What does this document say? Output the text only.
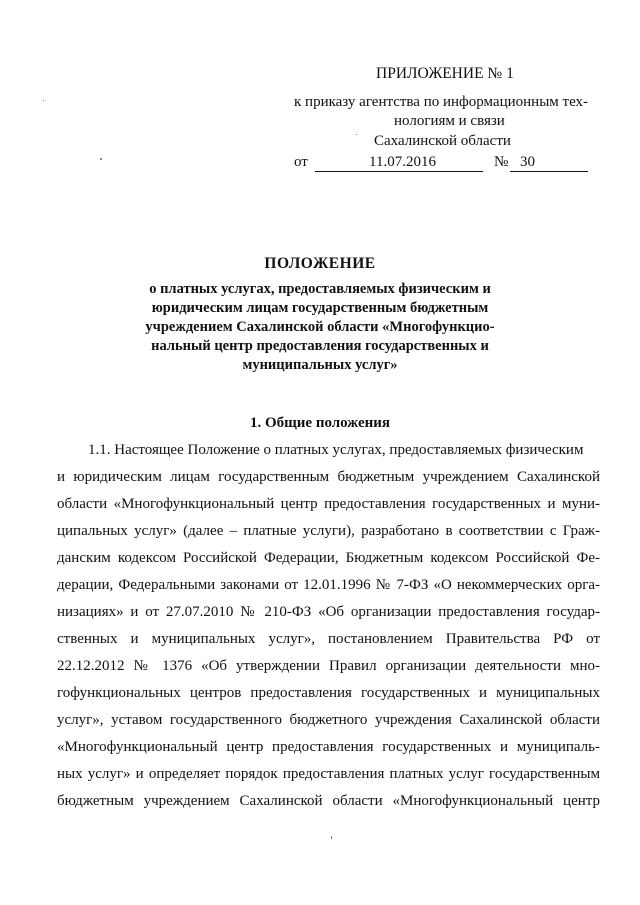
ПРИЛОЖЕНИЕ № 1
к приказу агентства по информационным тех-
нологиям и связи
Сахалинской области
от	11.07.2016	№ 30
ПОЛОЖЕНИЕ
о платных услугах, предоставляемых физическим и
юридическим лицам государственным бюджетным
учреждением Сахалинской области «Многофункцио-
нальный центр предоставления государственных и
муниципальных услуг»
1. Общие положения
1.1. Настоящее Положение о платных услугах, предоставляемых физическим
и юридическим лицам государственным бюджетным учреждением Сахалинской
области «Многофункциональный центр предоставления государственных и муни-
ципальных услуг» (далее – платные услуги), разработано в соответствии с Граж-
данским кодексом Российской Федерации, Бюджетным кодексом Российской Фе-
дерации, Федеральными законами от 12.01.1996 № 7-ФЗ «О некоммерческих орга-
низациях» и от 27.07.2010 № 210-ФЗ «Об организации предоставления государ-
ственных и муниципальных услуг», постановлением Правительства РФ от
22.12.2012 № 1376 «Об утверждении Правил организации деятельности мно-
гофункциональных центров предоставления государственных и муниципальных
услуг», уставом государственного бюджетного учреждения Сахалинской области
«Многофункциональный центр предоставления государственных и муниципаль-
ных услуг» и определяет порядок предоставления платных услуг государственным
бюджетным учреждением Сахалинской области «Многофункциональный центр
